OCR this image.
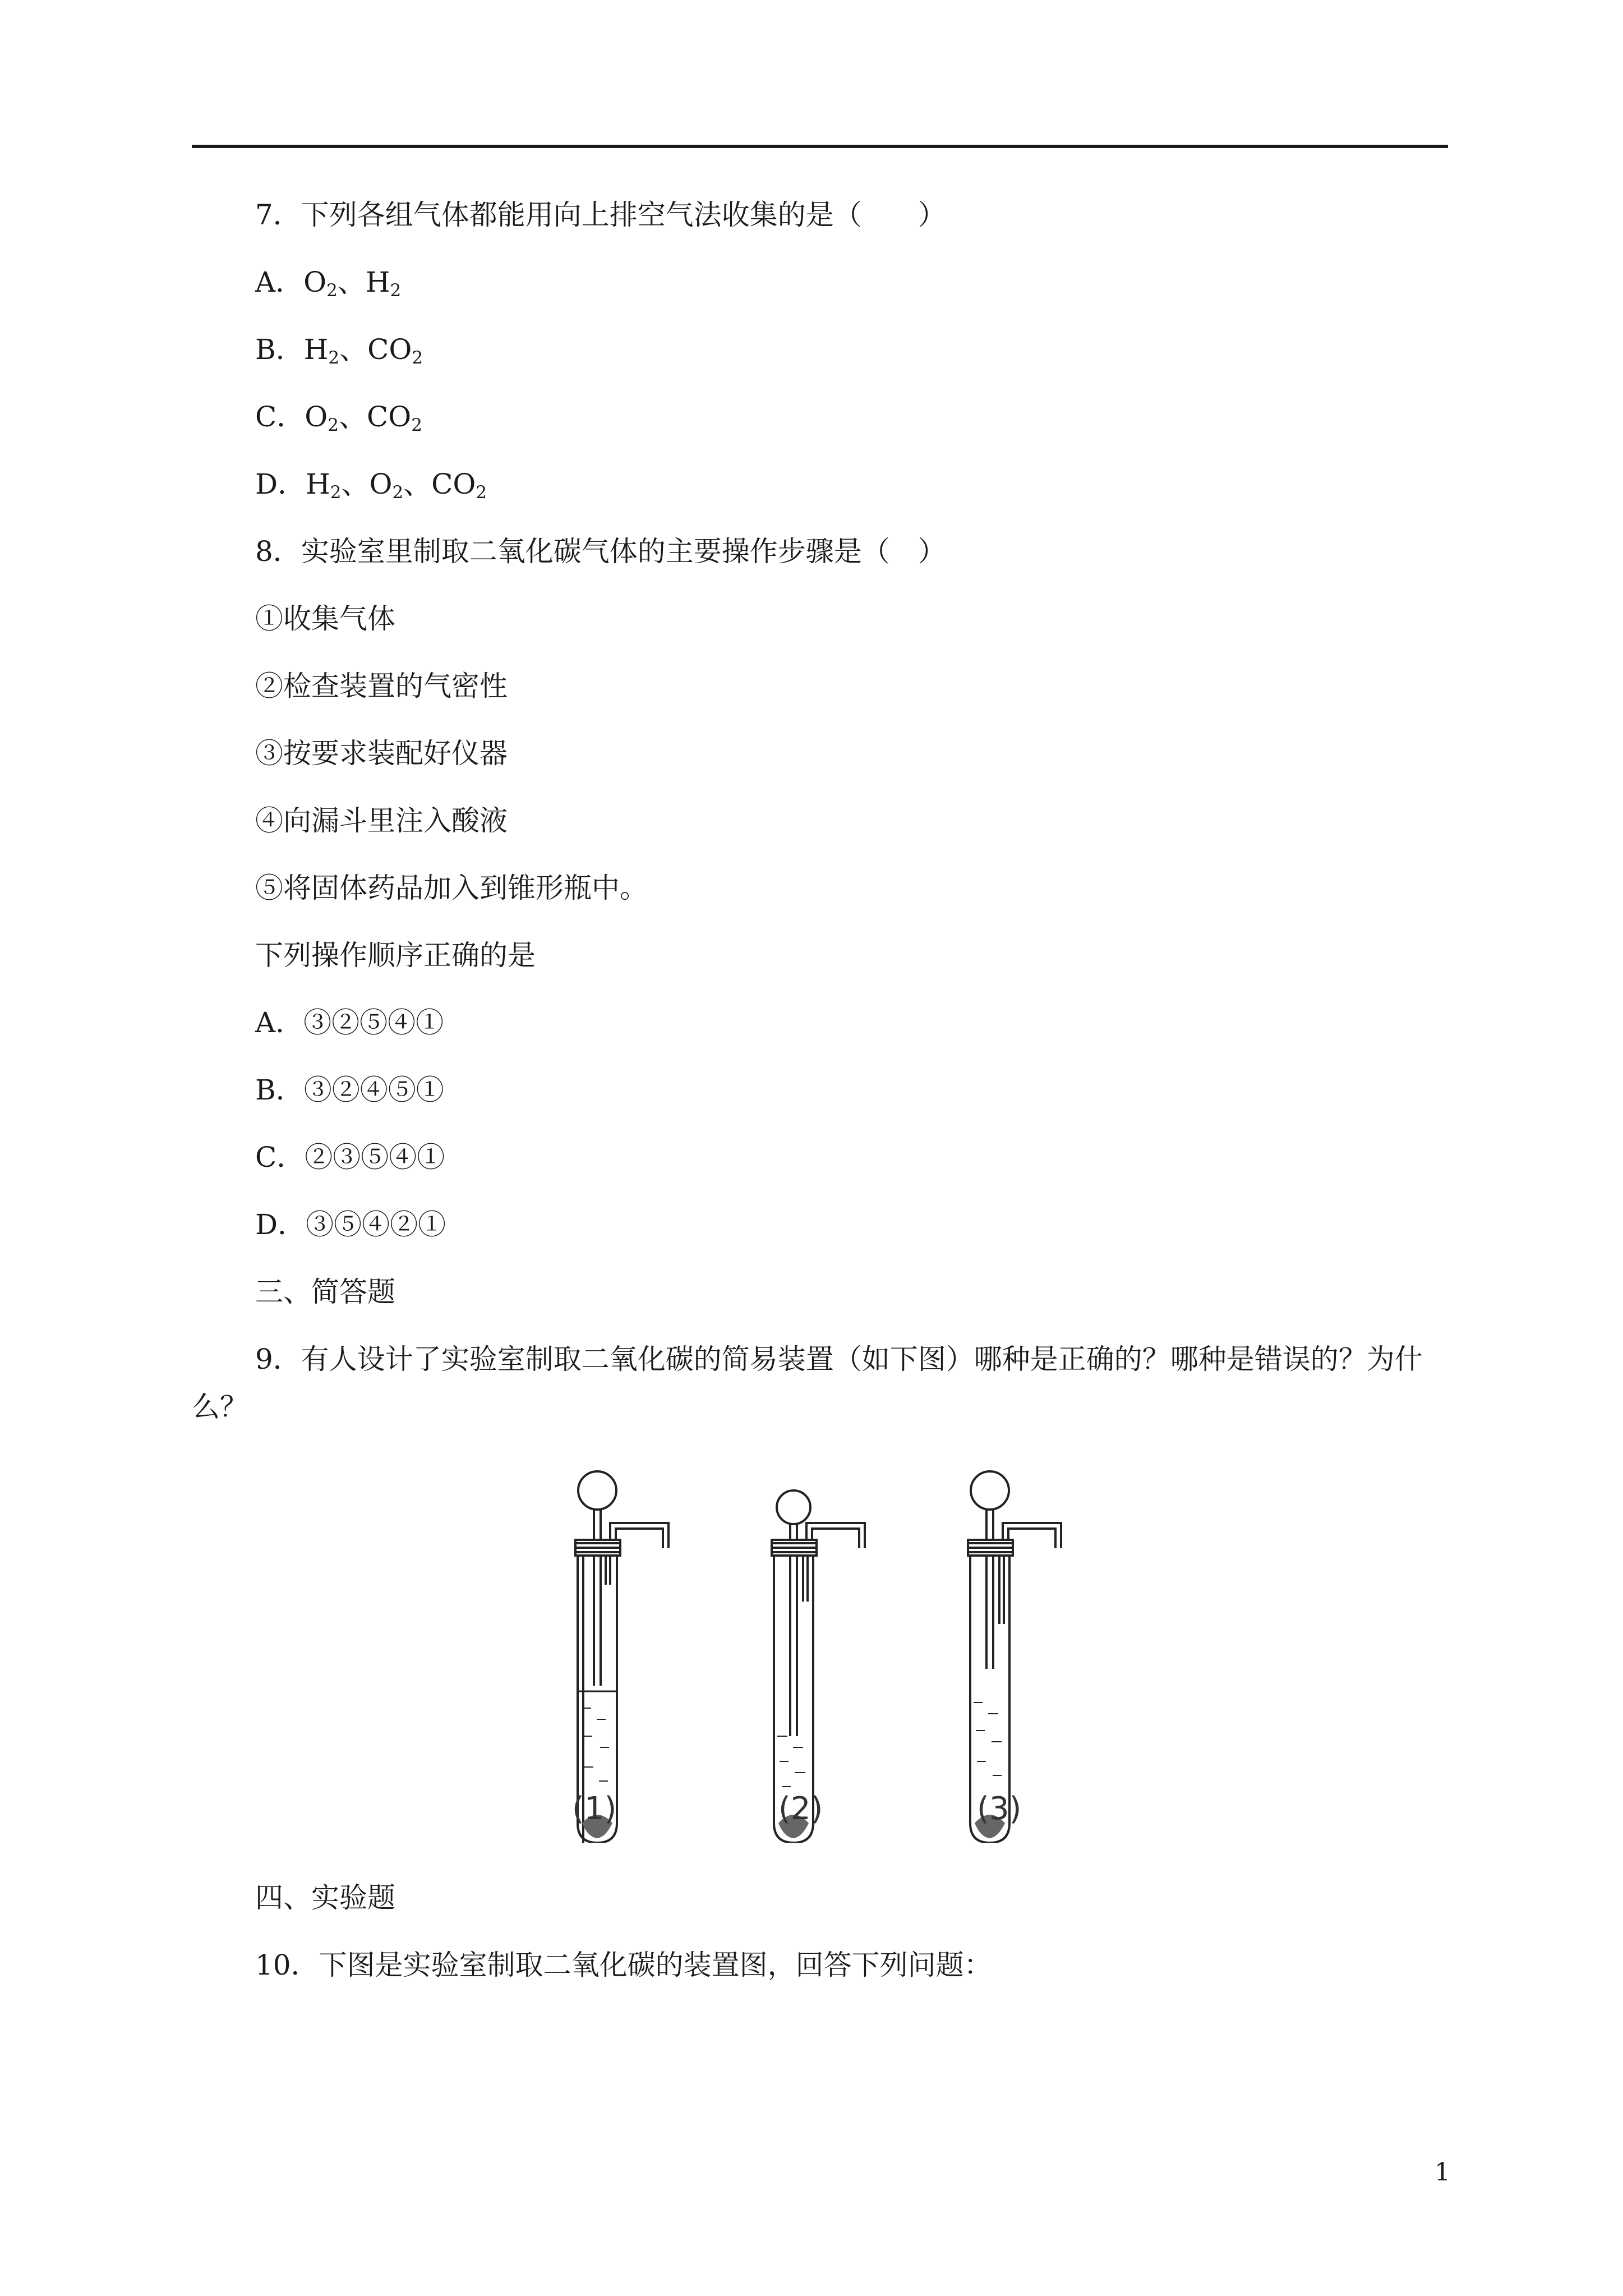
7．下列各组气体都能用向上排空气法收集的是（　　）
A．$O_2$、$H_2$
B．$H_2$、$CO_2$
C．$O_2$、$CO_2$
D．$H_2$、$O_2$、$CO_2$
8．实验室里制取二氧化碳气体的主要操作步骤是（　）
①收集气体
②检查装置的气密性
③按要求装配好仪器
④向漏斗里注入酸液
⑤将固体药品加入到锥形瓶中。
下列操作顺序正确的是
A．③②⑤④①
B．③②④⑤①
C．②③⑤④①
D．③⑤④②①
三、简答题
9．有人设计了实验室制取二氧化碳的简易装置（如下图）哪种是正确的？哪种是错误的？为什
么？
(1)	(2)	(3)
四、实验题
10．下图是实验室制取二氧化碳的装置图，回答下列问题：
1
